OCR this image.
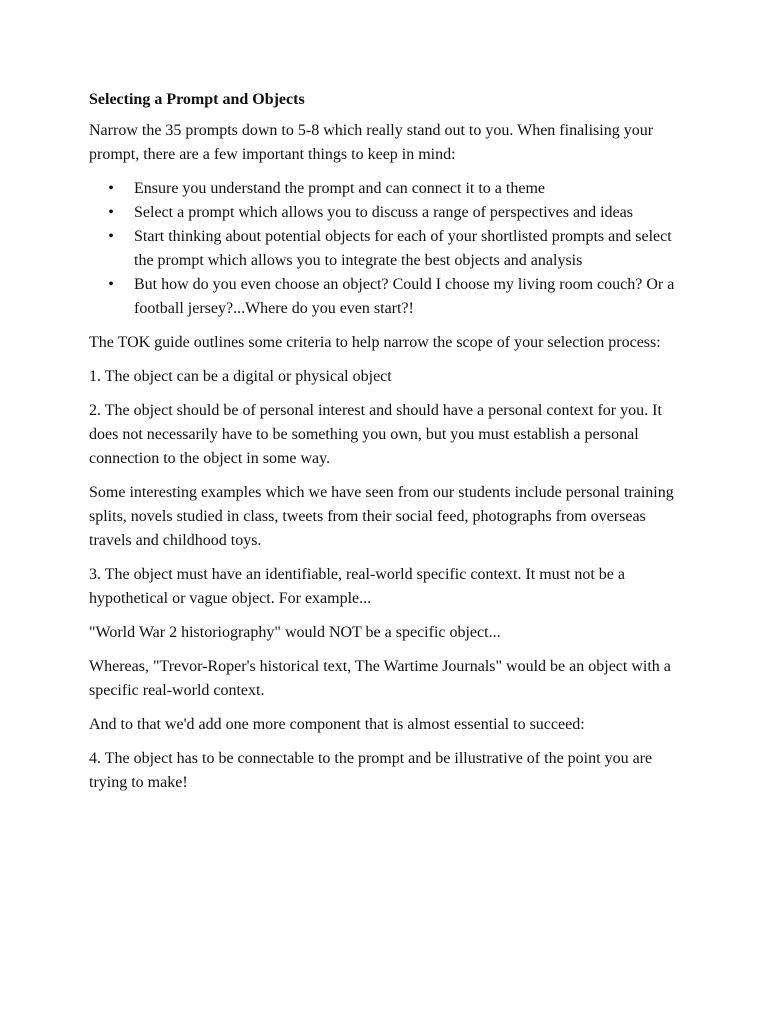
Selecting a Prompt and Objects

Narrow the 35 prompts down to 5-8 which really stand out to you. When finalising your prompt, there are a few important things to keep in mind:

• Ensure you understand the prompt and can connect it to a theme
• Select a prompt which allows you to discuss a range of perspectives and ideas
• Start thinking about potential objects for each of your shortlisted prompts and select the prompt which allows you to integrate the best objects and analysis
• But how do you even choose an object? Could I choose my living room couch? Or a football jersey?...Where do you even start?!

The TOK guide outlines some criteria to help narrow the scope of your selection process:

1. The object can be a digital or physical object

2. The object should be of personal interest and should have a personal context for you. It does not necessarily have to be something you own, but you must establish a personal connection to the object in some way.

Some interesting examples which we have seen from our students include personal training splits, novels studied in class, tweets from their social feed, photographs from overseas travels and childhood toys.

3. The object must have an identifiable, real-world specific context. It must not be a hypothetical or vague object. For example...

"World War 2 historiography" would NOT be a specific object...

Whereas, "Trevor-Roper's historical text, The Wartime Journals" would be an object with a specific real-world context.

And to that we'd add one more component that is almost essential to succeed:

4. The object has to be connectable to the prompt and be illustrative of the point you are trying to make!
